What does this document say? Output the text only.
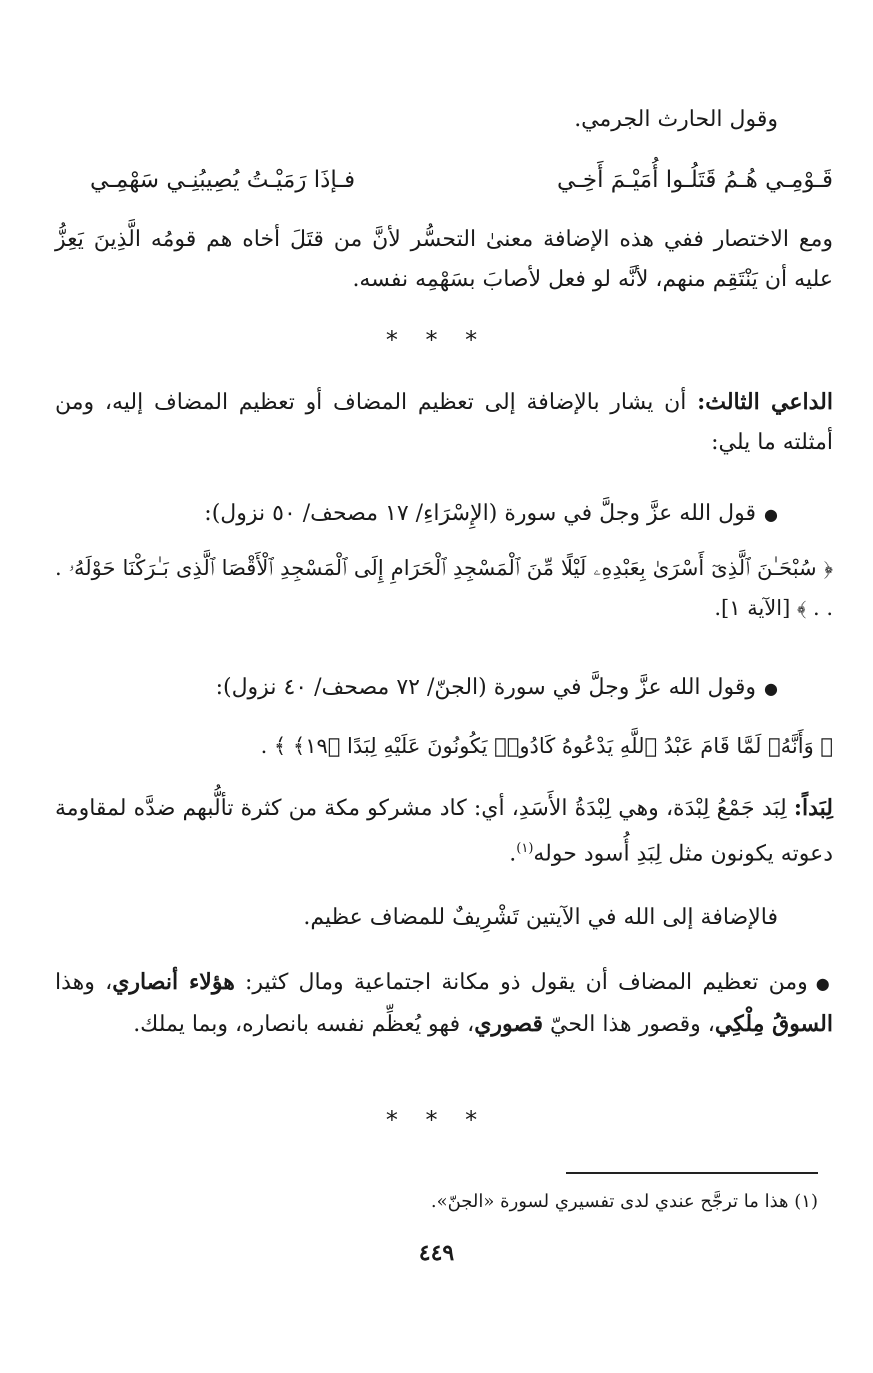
وقول الحارث الجرمي.
قَـوْمِـي هُـمُ قَتَلُـوا أُمَيْـمَ أَخِـي
فـإذَا رَمَيْـتُ يُصِيبُنِـي سَهْمِـي
ومع الاختصار ففي هذه الإضافة معنىٰ التحسُّر لأنَّ من قتَلَ أخاه هم قومُه الَّذِينَ يَعِزُّ عليه أن يَنْتَقِم منهم، لأنَّه لو فعل لأصابَ بسَهْمِه نفسه.
* * *
الداعي الثالث: أن يشار بالإضافة إلى تعظيم المضاف أو تعظيم المضاف إليه، ومن أمثلته ما يلي:
●قول الله عزَّ وجلَّ في سورة (الإِسْرَاءِ/ ١٧ مصحف/ ٥٠ نزول):
﴿ سُبْحَـٰنَ ٱلَّذِىٓ أَسْرَىٰ بِعَبْدِهِۦ لَيْلًا مِّنَ ٱلْمَسْجِدِ ٱلْحَرَامِ إِلَى ٱلْمَسْجِدِ ٱلْأَقْصَا ٱلَّذِى بَـٰرَكْنَا حَوْلَهُۥ . . . ﴾ [الآية ١].
●وقول الله عزَّ وجلَّ في سورة (الجنّ/ ٧٢ مصحف/ ٤٠ نزول):
﴿ وَأَنَّهُۥ لَمَّا قَامَ عَبْدُ ٱللَّهِ يَدْعُوهُ كَادُوا۟ يَكُونُونَ عَلَيْهِ لِبَدًا ﴿١٩﴾ ﴾ .
لِبَداً: لِبَد جَمْعُ لِبْدَة، وهي لِبْدَةُ الأَسَدِ، أي: كاد مشركو مكة من كثرة تألُّبهم ضدَّه لمقاومة دعوته يكونون مثل لِبَدِ أُسود حوله$^{(١)}$.
فالإضافة إلى الله في الآيتين تَشْرِيفٌ للمضاف عظيم.
●ومن تعظيم المضاف أن يقول ذو مكانة اجتماعية ومال كثير: هؤلاء أنصاري، وهذا السوقُ مِلْكِي، وقصور هذا الحيّ قصوري، فهو يُعظِّم نفسه بانصاره، وبما يملك.
* * *
(١) هذا ما ترجَّح عندي لدى تفسيري لسورة «الجنّ».
٤٤٩
